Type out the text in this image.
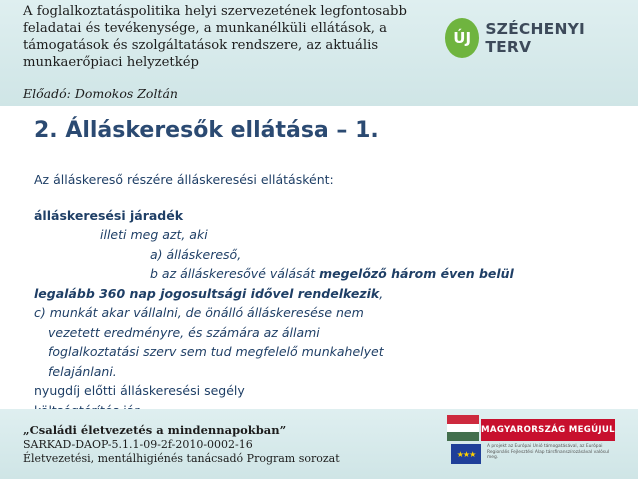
A foglalkoztatáspolitika helyi szervezetének legfontosabb
feladatai és tevékenysége, a munkanélküli ellátások, a
támogatások és szolgáltatások rendszere, az aktuális
munkaerőpiaci helyzetkép
Előadó: Domokos Zoltán
ÚJ SZÉCHENYI TERV
2. Álláskeresők ellátása – 1.

Az álláskereső részére álláskeresési ellátásként:

álláskeresési járadék

illeti meg azt, aki

a) álláskereső,

b az álláskeresővé válását megelőző három éven belül

legalább 360 nap jogosultsági idővel rendelkezik,

c) munkát akar vállalni, de önálló álláskeresése nem

vezetett eredményre, és számára az állami

foglalkoztatási szerv sem tud megfelelő munkahelyet

felajánlani.

nyugdíj előtti álláskeresési segély

„Családi életvezetés a mindennapokban”
SARKAD-DAOP-5.1.1-09-2f-2010-0002-16
Életvezetési, mentálhigiénés tanácsadó Program sorozat
MAGYARORSZÁG MEGÚJUL
★★★
A projekt az Európai Unió támogatásával, az Európai Regionális Fejlesztési Alap társfinanszírozásával valósul meg.
